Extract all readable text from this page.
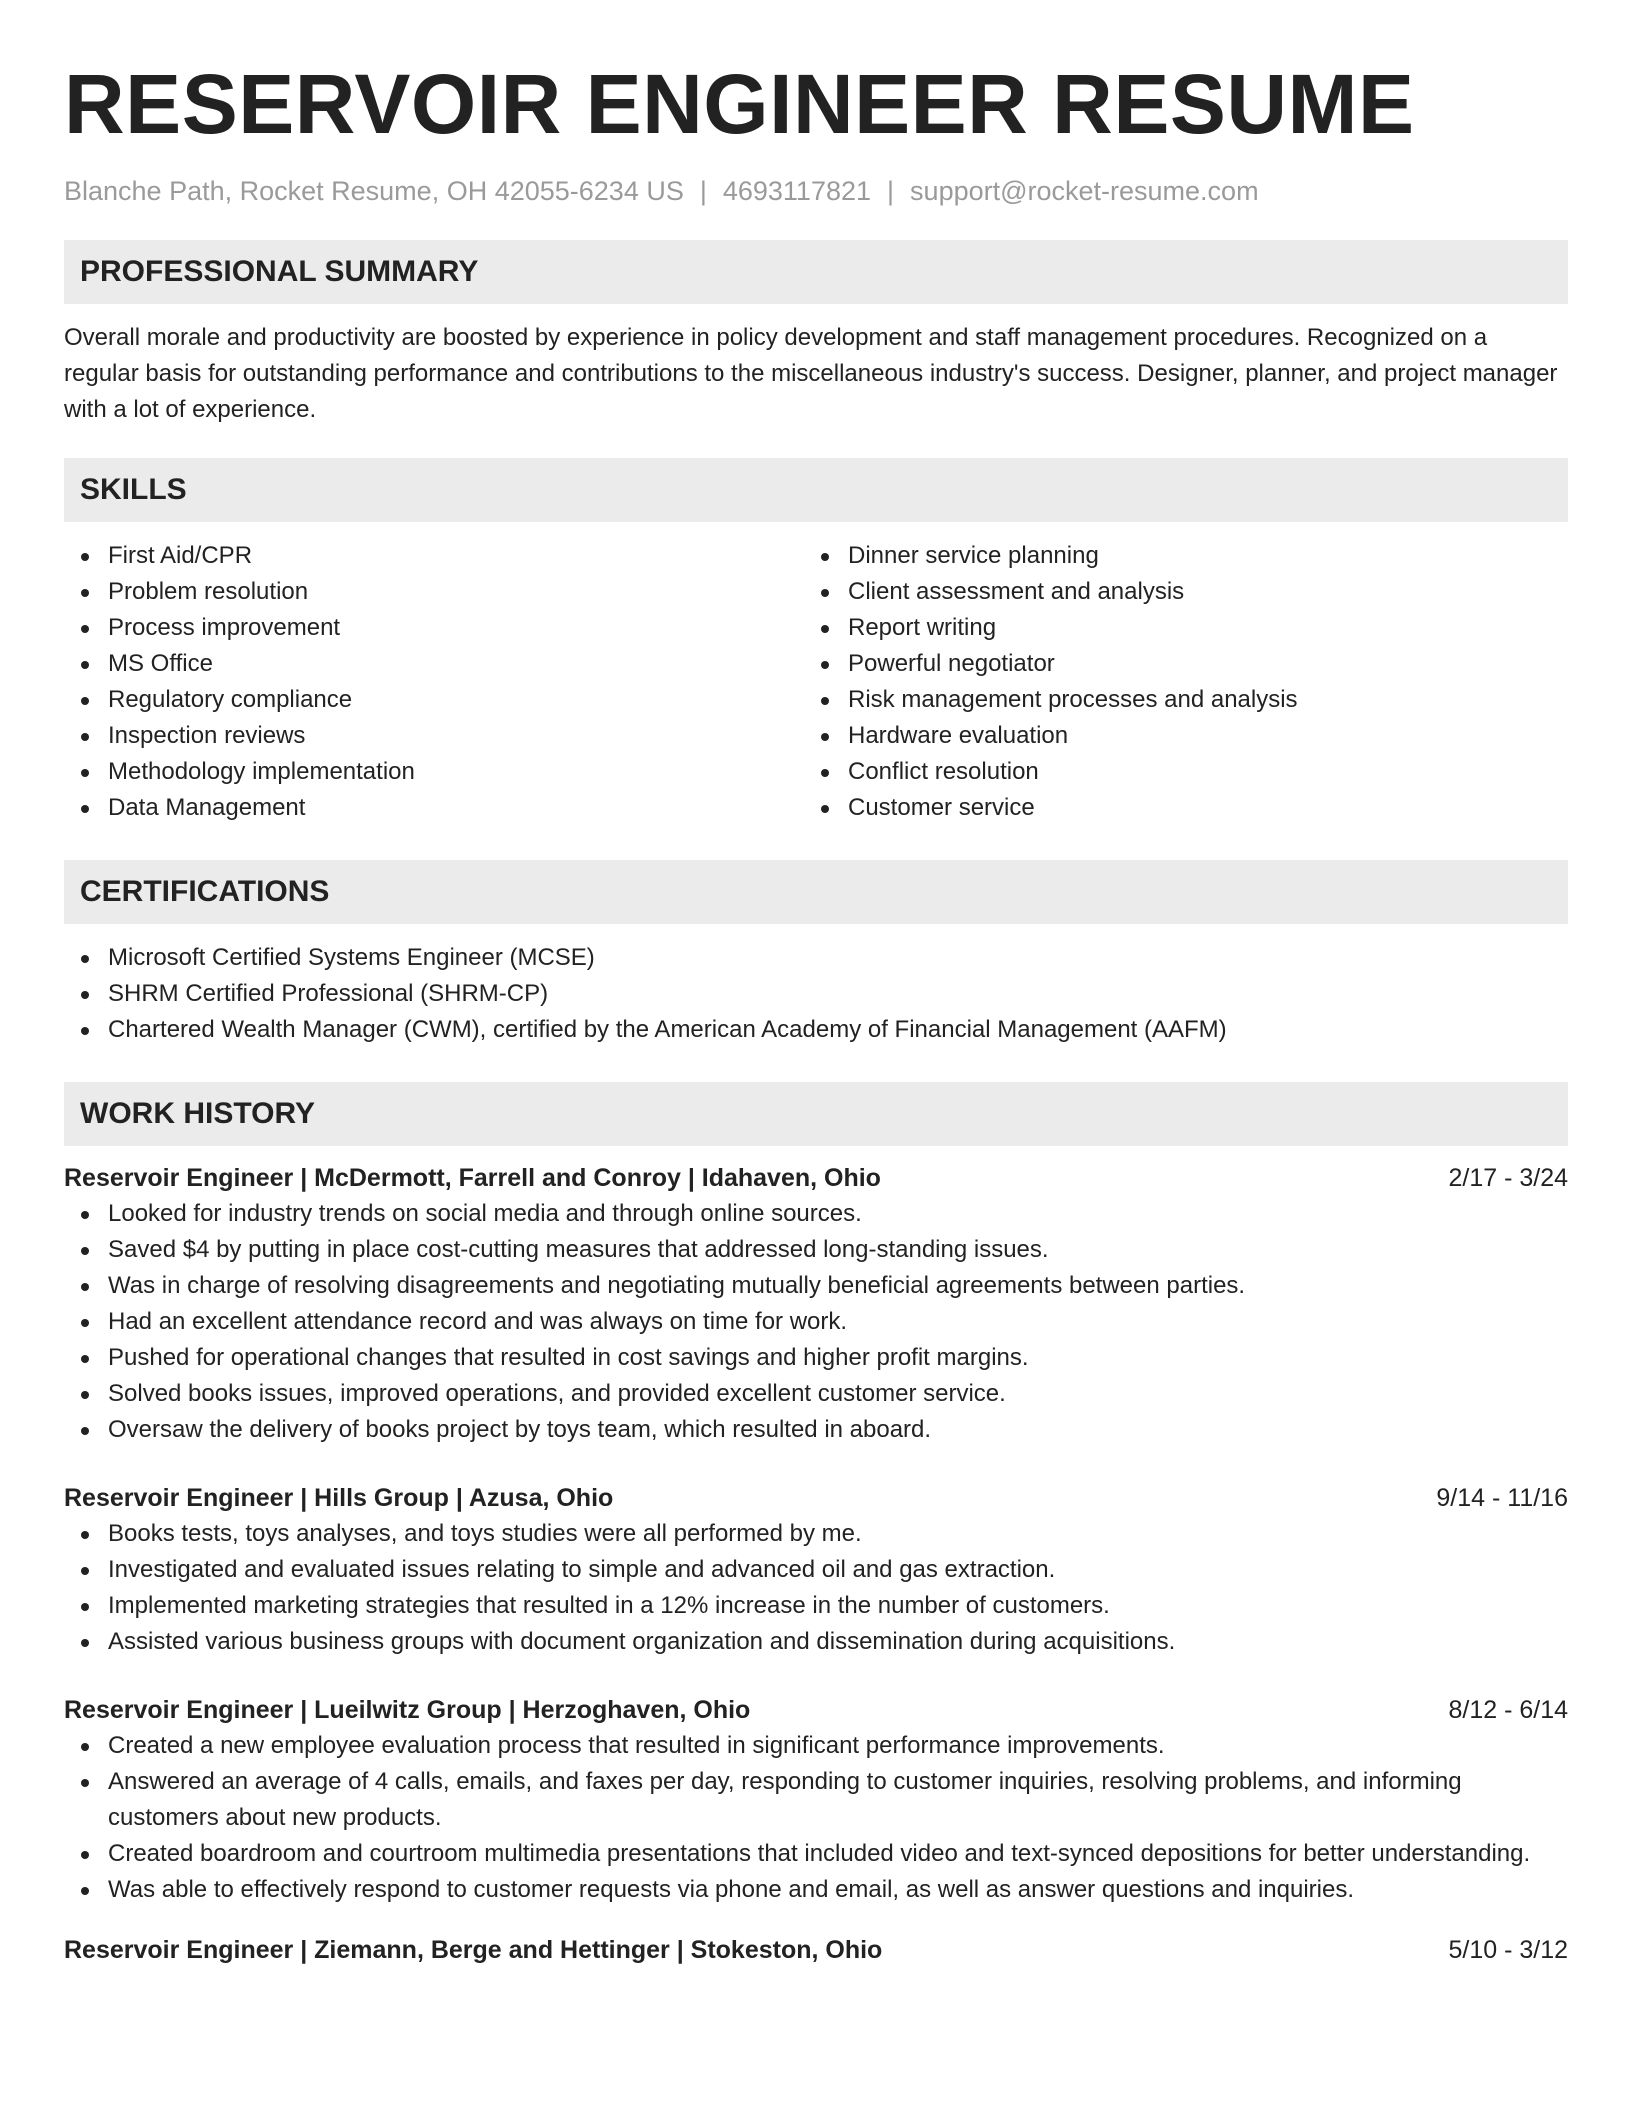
RESERVOIR ENGINEER RESUME
Blanche Path, Rocket Resume, OH 42055-6234 US | 4693117821 | support@rocket-resume.com
PROFESSIONAL SUMMARY

Overall morale and productivity are boosted by experience in policy development and staff management procedures. Recognized on a regular basis for outstanding performance and contributions to the miscellaneous industry's success. Designer, planner, and project manager with a lot of experience.

SKILLS
First Aid/CPR
Problem resolution
Process improvement
MS Office
Regulatory compliance
Inspection reviews
Methodology implementation
Data Management
Dinner service planning
Client assessment and analysis
Report writing
Powerful negotiator
Risk management processes and analysis
Hardware evaluation
Conflict resolution
Customer service
CERTIFICATIONS
Microsoft Certified Systems Engineer (MCSE)
SHRM Certified Professional (SHRM-CP)
Chartered Wealth Manager (CWM), certified by the American Academy of Financial Management (AAFM)
WORK HISTORY
Reservoir Engineer | McDermott, Farrell and Conroy | Idahaven, Ohio	2/17 - 3/24
Looked for industry trends on social media and through online sources.
Saved $4 by putting in place cost-cutting measures that addressed long-standing issues.
Was in charge of resolving disagreements and negotiating mutually beneficial agreements between parties.
Had an excellent attendance record and was always on time for work.
Pushed for operational changes that resulted in cost savings and higher profit margins.
Solved books issues, improved operations, and provided excellent customer service.
Oversaw the delivery of books project by toys team, which resulted in aboard.
Reservoir Engineer | Hills Group | Azusa, Ohio	9/14 - 11/16
Books tests, toys analyses, and toys studies were all performed by me.
Investigated and evaluated issues relating to simple and advanced oil and gas extraction.
Implemented marketing strategies that resulted in a 12% increase in the number of customers.
Assisted various business groups with document organization and dissemination during acquisitions.
Reservoir Engineer | Lueilwitz Group | Herzoghaven, Ohio	8/12 - 6/14
Created a new employee evaluation process that resulted in significant performance improvements.
Answered an average of 4 calls, emails, and faxes per day, responding to customer inquiries, resolving problems, and informing customers about new products.
Created boardroom and courtroom multimedia presentations that included video and text-synced depositions for better understanding.
Was able to effectively respond to customer requests via phone and email, as well as answer questions and inquiries.
Reservoir Engineer | Ziemann, Berge and Hettinger | Stokeston, Ohio	5/10 - 3/12
